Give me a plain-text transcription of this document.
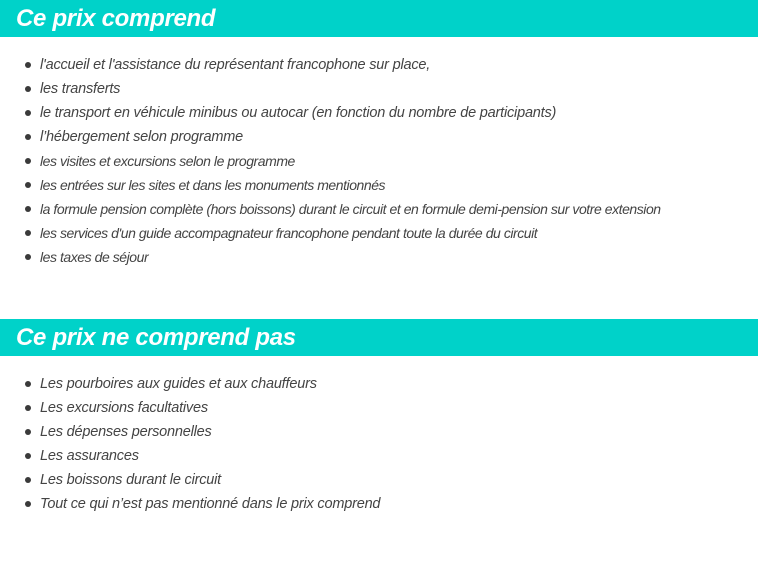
Ce prix comprend
l'accueil et l'assistance du représentant francophone sur place,
les transferts
le transport en véhicule minibus ou autocar (en fonction du nombre de participants)
l’hébergement selon programme
les visites et excursions selon le programme
les entrées sur les sites et dans les monuments mentionnés
la formule pension complète (hors boissons) durant le circuit et en formule demi-pension sur votre extension
les services d'un guide accompagnateur francophone pendant toute la durée du circuit
les taxes de séjour
Ce prix ne comprend pas
Les pourboires aux guides et aux chauffeurs
Les excursions facultatives
Les dépenses personnelles
Les assurances
Les boissons durant le circuit
Tout ce qui n’est pas mentionné dans le prix comprend
